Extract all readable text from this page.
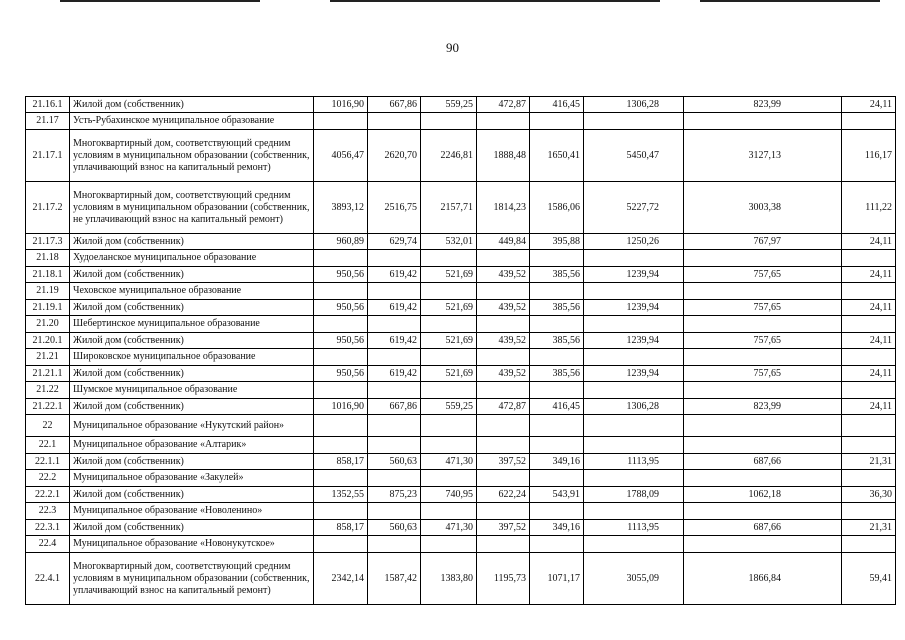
90
21.16.1	Жилой дом (собственник)	1016,90	667,86	559,25	472,87	416,45	1306,28	823,99	24,11
21.17	Усть-Рубахинское муниципальное образование								
21.17.1	Многоквартирный дом, соответствующий средним условиям в муниципальном образовании (собственник, уплачивающий взнос на капитальный ремонт)	4056,47	2620,70	2246,81	1888,48	1650,41	5450,47	3127,13	116,17
21.17.2	Многоквартирный дом, соответствующий средним условиям в муниципальном образовании (собственник, не уплачивающий взнос на капитальный ремонт)	3893,12	2516,75	2157,71	1814,23	1586,06	5227,72	3003,38	111,22
21.17.3	Жилой дом (собственник)	960,89	629,74	532,01	449,84	395,88	1250,26	767,97	24,11
21.18	Худоеланское муниципальное образование								
21.18.1	Жилой дом (собственник)	950,56	619,42	521,69	439,52	385,56	1239,94	757,65	24,11
21.19	Чеховское муниципальное образование								
21.19.1	Жилой дом (собственник)	950,56	619,42	521,69	439,52	385,56	1239,94	757,65	24,11
21.20	Шебертинское муниципальное образование								
21.20.1	Жилой дом (собственник)	950,56	619,42	521,69	439,52	385,56	1239,94	757,65	24,11
21.21	Широковское муниципальное образование								
21.21.1	Жилой дом (собственник)	950,56	619,42	521,69	439,52	385,56	1239,94	757,65	24,11
21.22	Шумское муниципальное образование								
21.22.1	Жилой дом (собственник)	1016,90	667,86	559,25	472,87	416,45	1306,28	823,99	24,11
22	Муниципальное образование «Нукутский район»								
22.1	Муниципальное образование «Алтарик»								
22.1.1	Жилой дом (собственник)	858,17	560,63	471,30	397,52	349,16	1113,95	687,66	21,31
22.2	Муниципальное образование «Закулей»								
22.2.1	Жилой дом (собственник)	1352,55	875,23	740,95	622,24	543,91	1788,09	1062,18	36,30
22.3	Муниципальное образование «Новоленино»								
22.3.1	Жилой дом (собственник)	858,17	560,63	471,30	397,52	349,16	1113,95	687,66	21,31
22.4	Муниципальное образование «Новонукутское»								
22.4.1	Многоквартирный дом, соответствующий средним условиям в муниципальном образовании (собственник, уплачивающий взнос на капитальный ремонт)	2342,14	1587,42	1383,80	1195,73	1071,17	3055,09	1866,84	59,41
